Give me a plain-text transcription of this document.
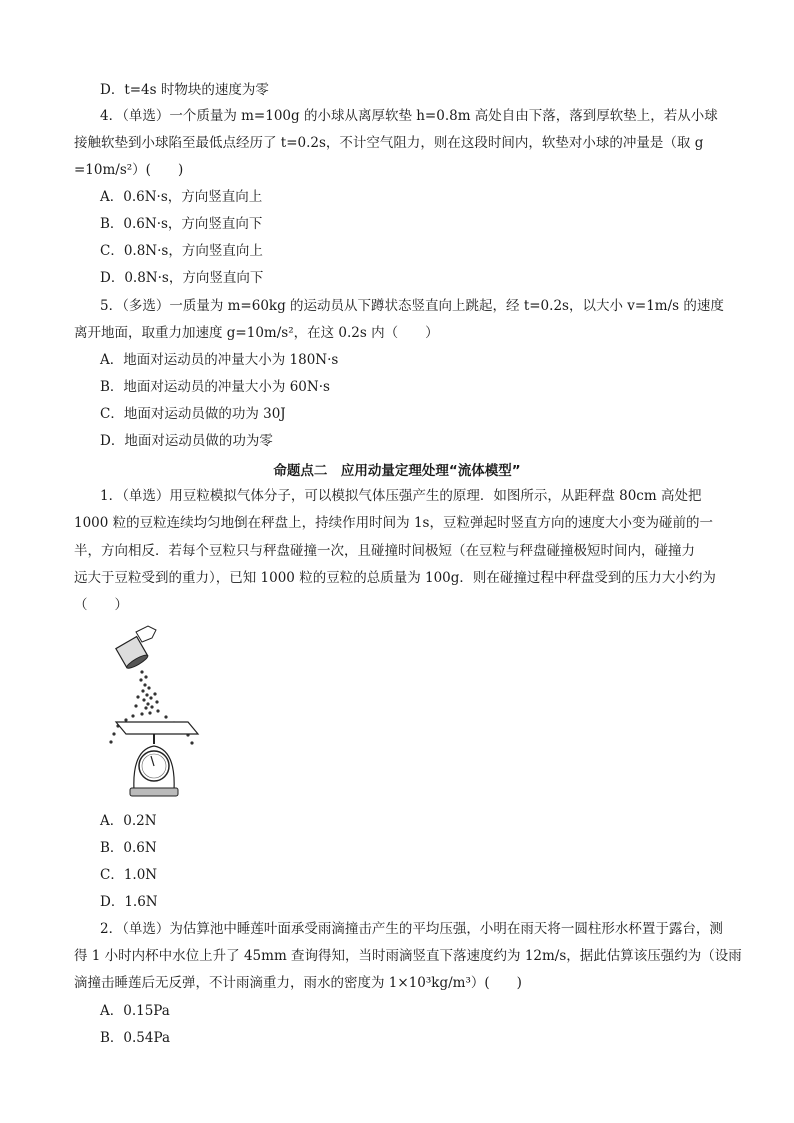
D．t=4s 时物块的速度为零
4．（单选）一个质量为 m=100g 的小球从离厚软垫 h=0.8m 高处自由下落，落到厚软垫上，若从小球
接触软垫到小球陷至最低点经历了 t=0.2s，不计空气阻力，则在这段时间内，软垫对小球的冲量是（取 g
=10m/s²）(　　)
A．0.6N·s，方向竖直向上
B．0.6N·s，方向竖直向下
C．0.8N·s，方向竖直向上
D．0.8N·s，方向竖直向下
5．（多选）一质量为 m=60kg 的运动员从下蹲状态竖直向上跳起，经 t=0.2s，以大小 v=1m/s 的速度
离开地面，取重力加速度 g=10m/s²，在这 0.2s 内（　　）
A．地面对运动员的冲量大小为 180N·s
B．地面对运动员的冲量大小为 60N·s
C．地面对运动员做的功为 30J
D．地面对运动员做的功为零
命题点二　应用动量定理处理“流体模型”
1．（单选）用豆粒模拟气体分子，可以模拟气体压强产生的原理．如图所示，从距秤盘 80cm 高处把
1000 粒的豆粒连续均匀地倒在秤盘上，持续作用时间为 1s，豆粒弹起时竖直方向的速度大小变为碰前的一
半，方向相反．若每个豆粒只与秤盘碰撞一次，且碰撞时间极短（在豆粒与秤盘碰撞极短时间内，碰撞力
远大于豆粒受到的重力），已知 1000 粒的豆粒的总质量为 100g．则在碰撞过程中秤盘受到的压力大小约为
（　　）
A．0.2N
B．0.6N
C．1.0N
D．1.6N
2．（单选）为估算池中睡莲叶面承受雨滴撞击产生的平均压强，小明在雨天将一圆柱形水杯置于露台，测
得 1 小时内杯中水位上升了 45mm 查询得知，当时雨滴竖直下落速度约为 12m/s，据此估算该压强约为（设雨
滴撞击睡莲后无反弹，不计雨滴重力，雨水的密度为 1×10³kg/m³）(　　)
A．0.15Pa
B．0.54Pa
